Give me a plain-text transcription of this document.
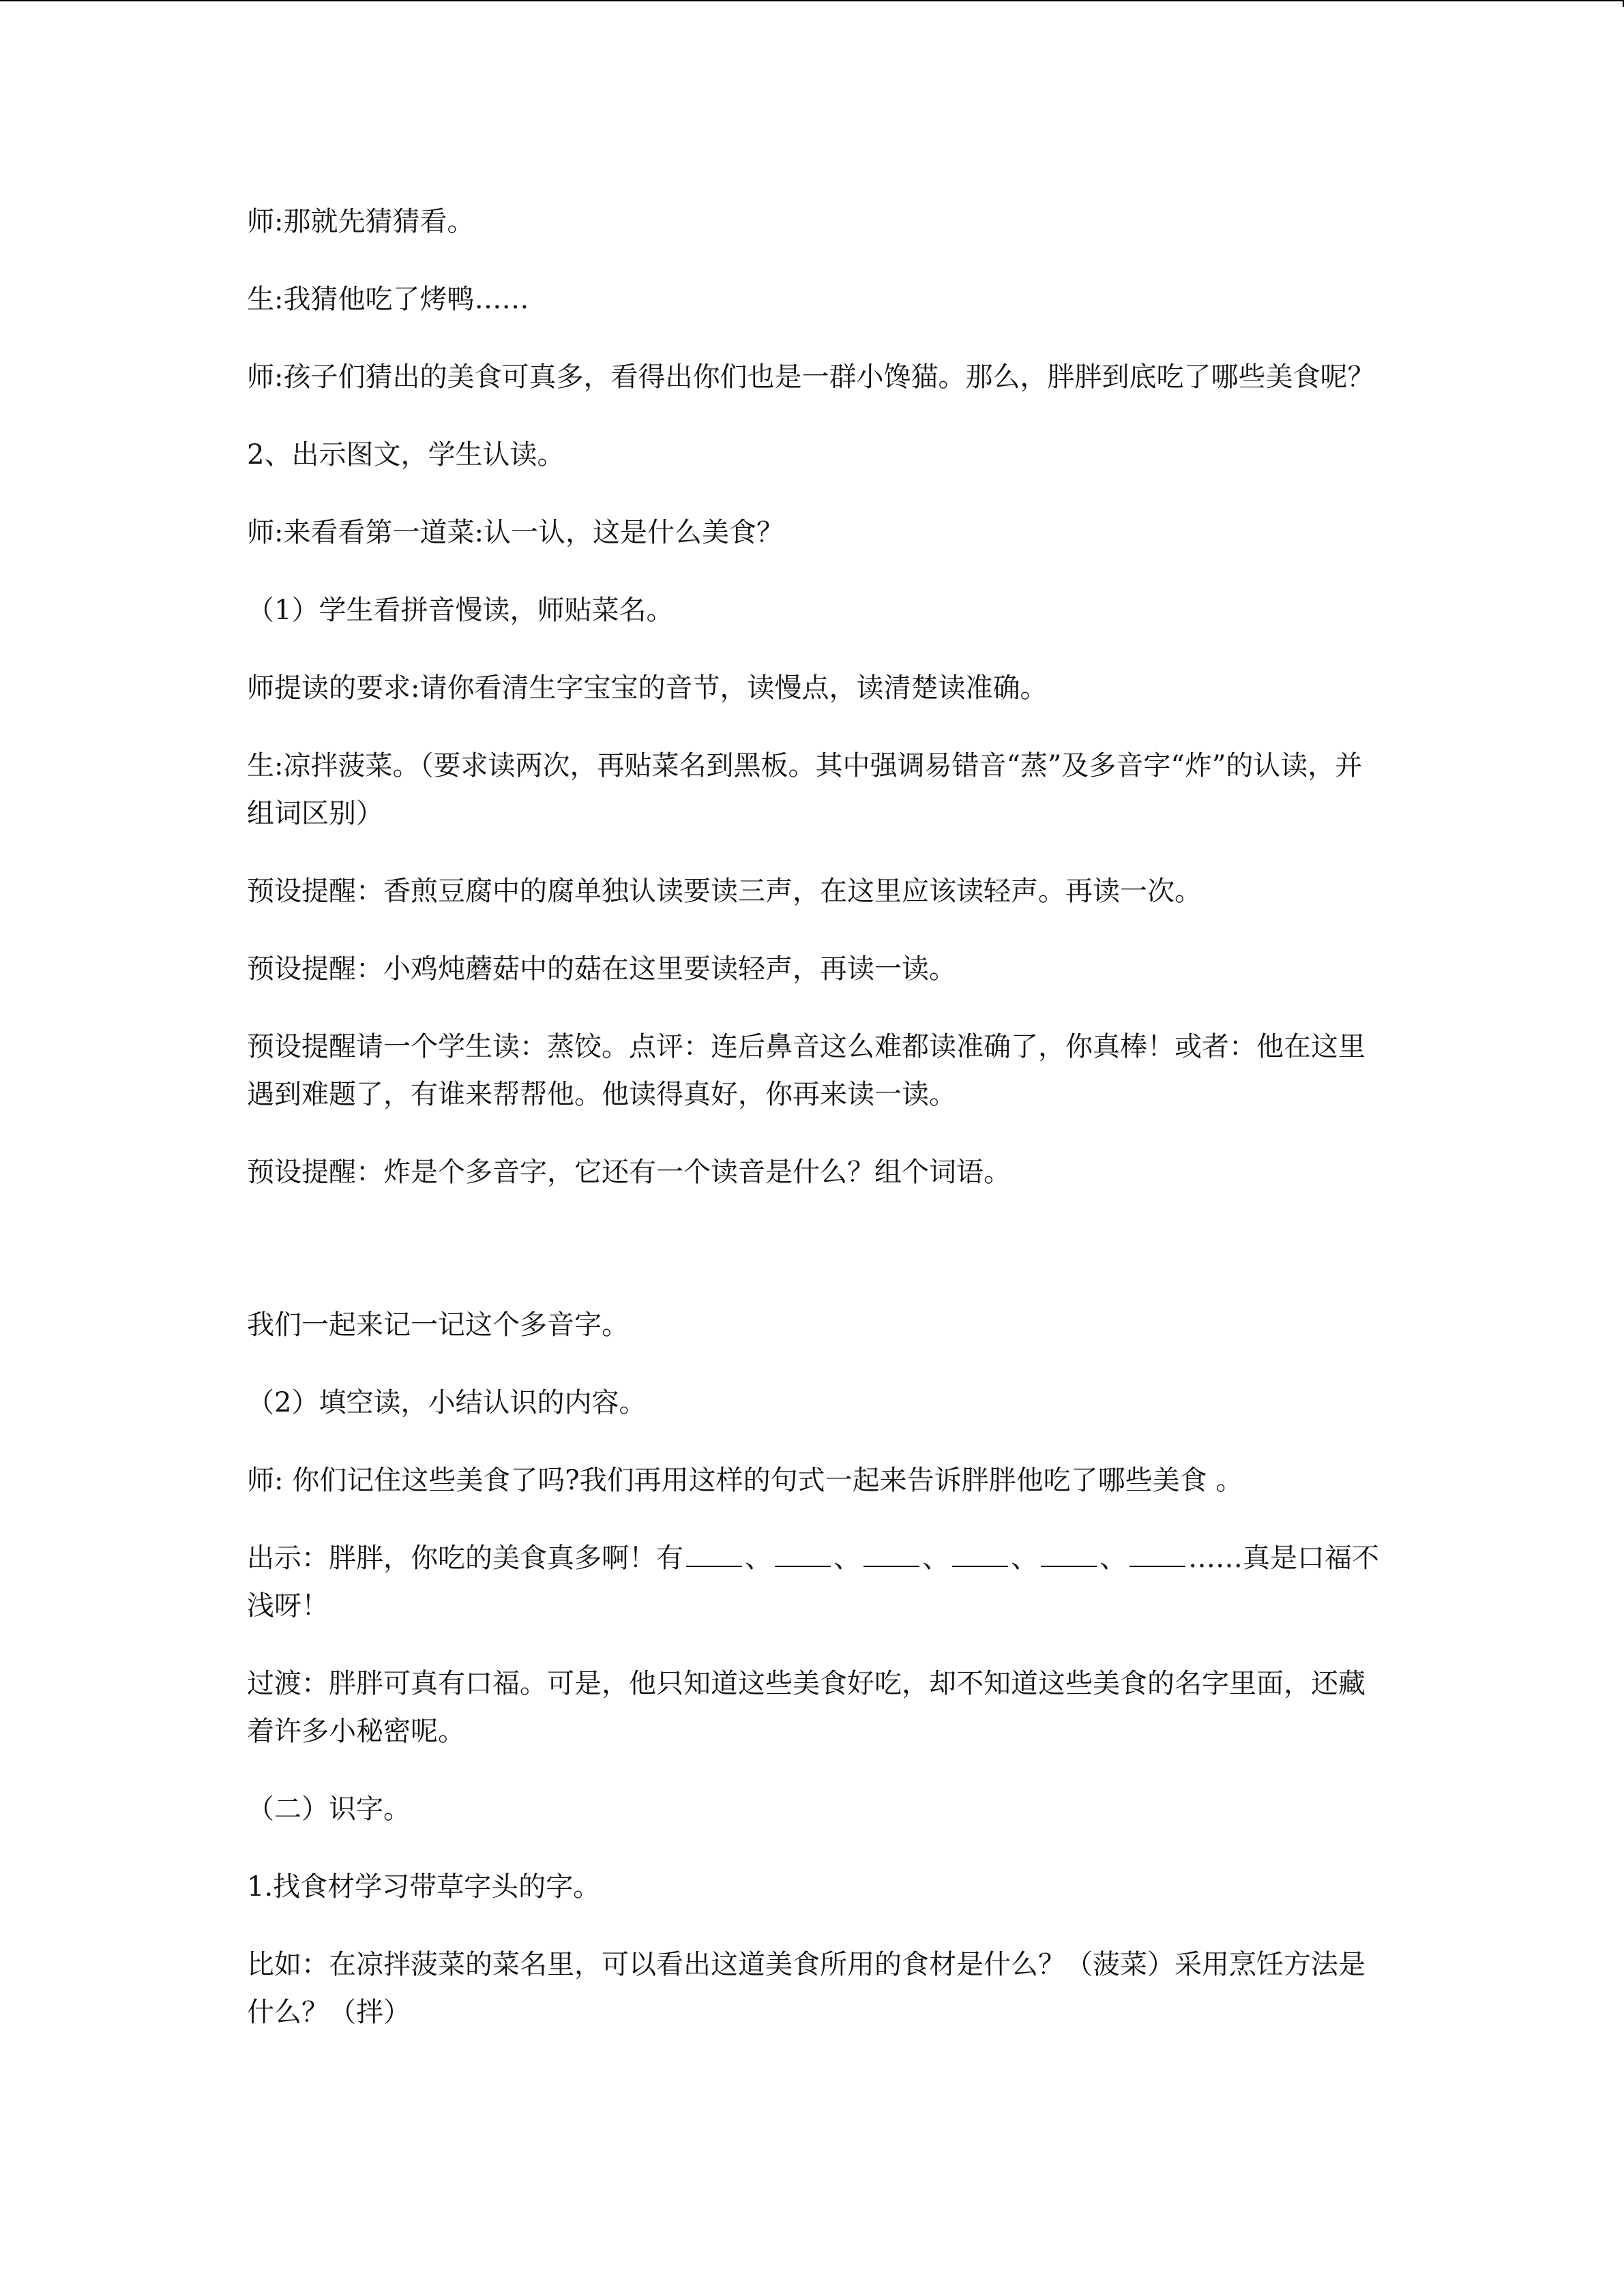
师:那就先猜猜看。

生:我猜他吃了烤鸭……

师:孩子们猜出的美食可真多，看得出你们也是一群小馋猫。那么，胖胖到底吃了哪些美食呢？

2、出示图文，学生认读。

师:来看看第一道菜:认一认，这是什么美食？

（1）学生看拼音慢读，师贴菜名。

师提读的要求:请你看清生字宝宝的音节，读慢点，读清楚读准确。

生:凉拌菠菜。（要求读两次，再贴菜名到黑板。其中强调易错音“蒸”及多音字“炸”的认读，并组词区别）

预设提醒：香煎豆腐中的腐单独认读要读三声，在这里应该读轻声。再读一次。

预设提醒：小鸡炖蘑菇中的菇在这里要读轻声，再读一读。

预设提醒请一个学生读：蒸饺。点评：连后鼻音这么难都读准确了，你真棒！或者：他在这里遇到难题了，有谁来帮帮他。他读得真好，你再来读一读。

预设提醒：炸是个多音字，它还有一个读音是什么？组个词语。

我们一起来记一记这个多音字。

（2）填空读，小结认识的内容。

师: 你们记住这些美食了吗?我们再用这样的句式一起来告诉胖胖他吃了哪些美食 。

出示：胖胖，你吃的美食真多啊！有 、 、 、 、 、 ……真是口福不浅呀！

过渡：胖胖可真有口福。可是，他只知道这些美食好吃，却不知道这些美食的名字里面，还藏着许多小秘密呢。

（二）识字。

1.找食材学习带草字头的字。

比如：在凉拌菠菜的菜名里，可以看出这道美食所用的食材是什么？（菠菜）采用烹饪方法是什么？（拌）
